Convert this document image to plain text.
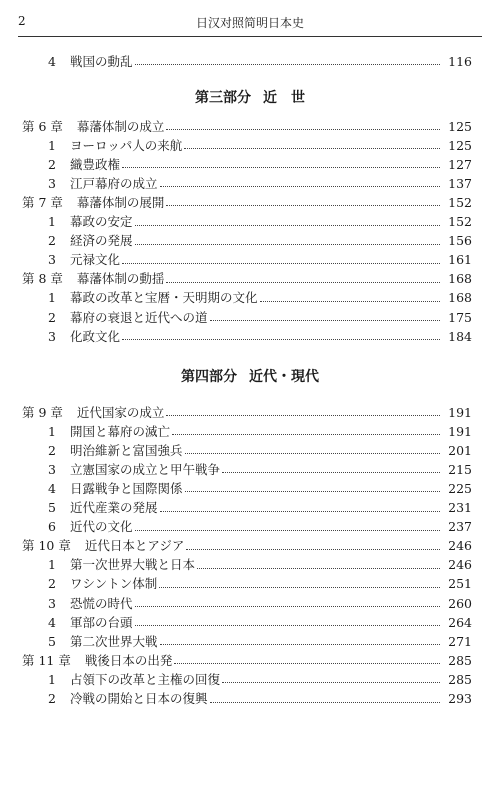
2	日汉对照简明日本史
4	戦国の動乱	116
第三部分 近　世
第 6 章 幕藩体制の成立	125
1	ヨーロッパ人の来航	125
2	織豊政権	127
3	江戸幕府の成立	137
第 7 章 幕藩体制の展開	152
1	幕政の安定	152
2	経済の発展	156
3	元禄文化	161
第 8 章 幕藩体制の動揺	168
1	幕政の改革と宝暦・天明期の文化	168
2	幕府の衰退と近代への道	175
3	化政文化	184
第四部分 近代・現代
第 9 章 近代国家の成立	191
1	開国と幕府の滅亡	191
2	明治維新と富国強兵	201
3	立憲国家の成立と甲午戦争	215
4	日露戦争と国際関係	225
5	近代産業の発展	231
6	近代の文化	237
第 10 章 近代日本とアジア	246
1	第一次世界大戦と日本	246
2	ワシントン体制	251
3	恐慌の時代	260
4	軍部の台頭	264
5	第二次世界大戦	271
第 11 章 戦後日本の出発	285
1	占領下の改革と主権の回復	285
2	冷戦の開始と日本の復興	293
